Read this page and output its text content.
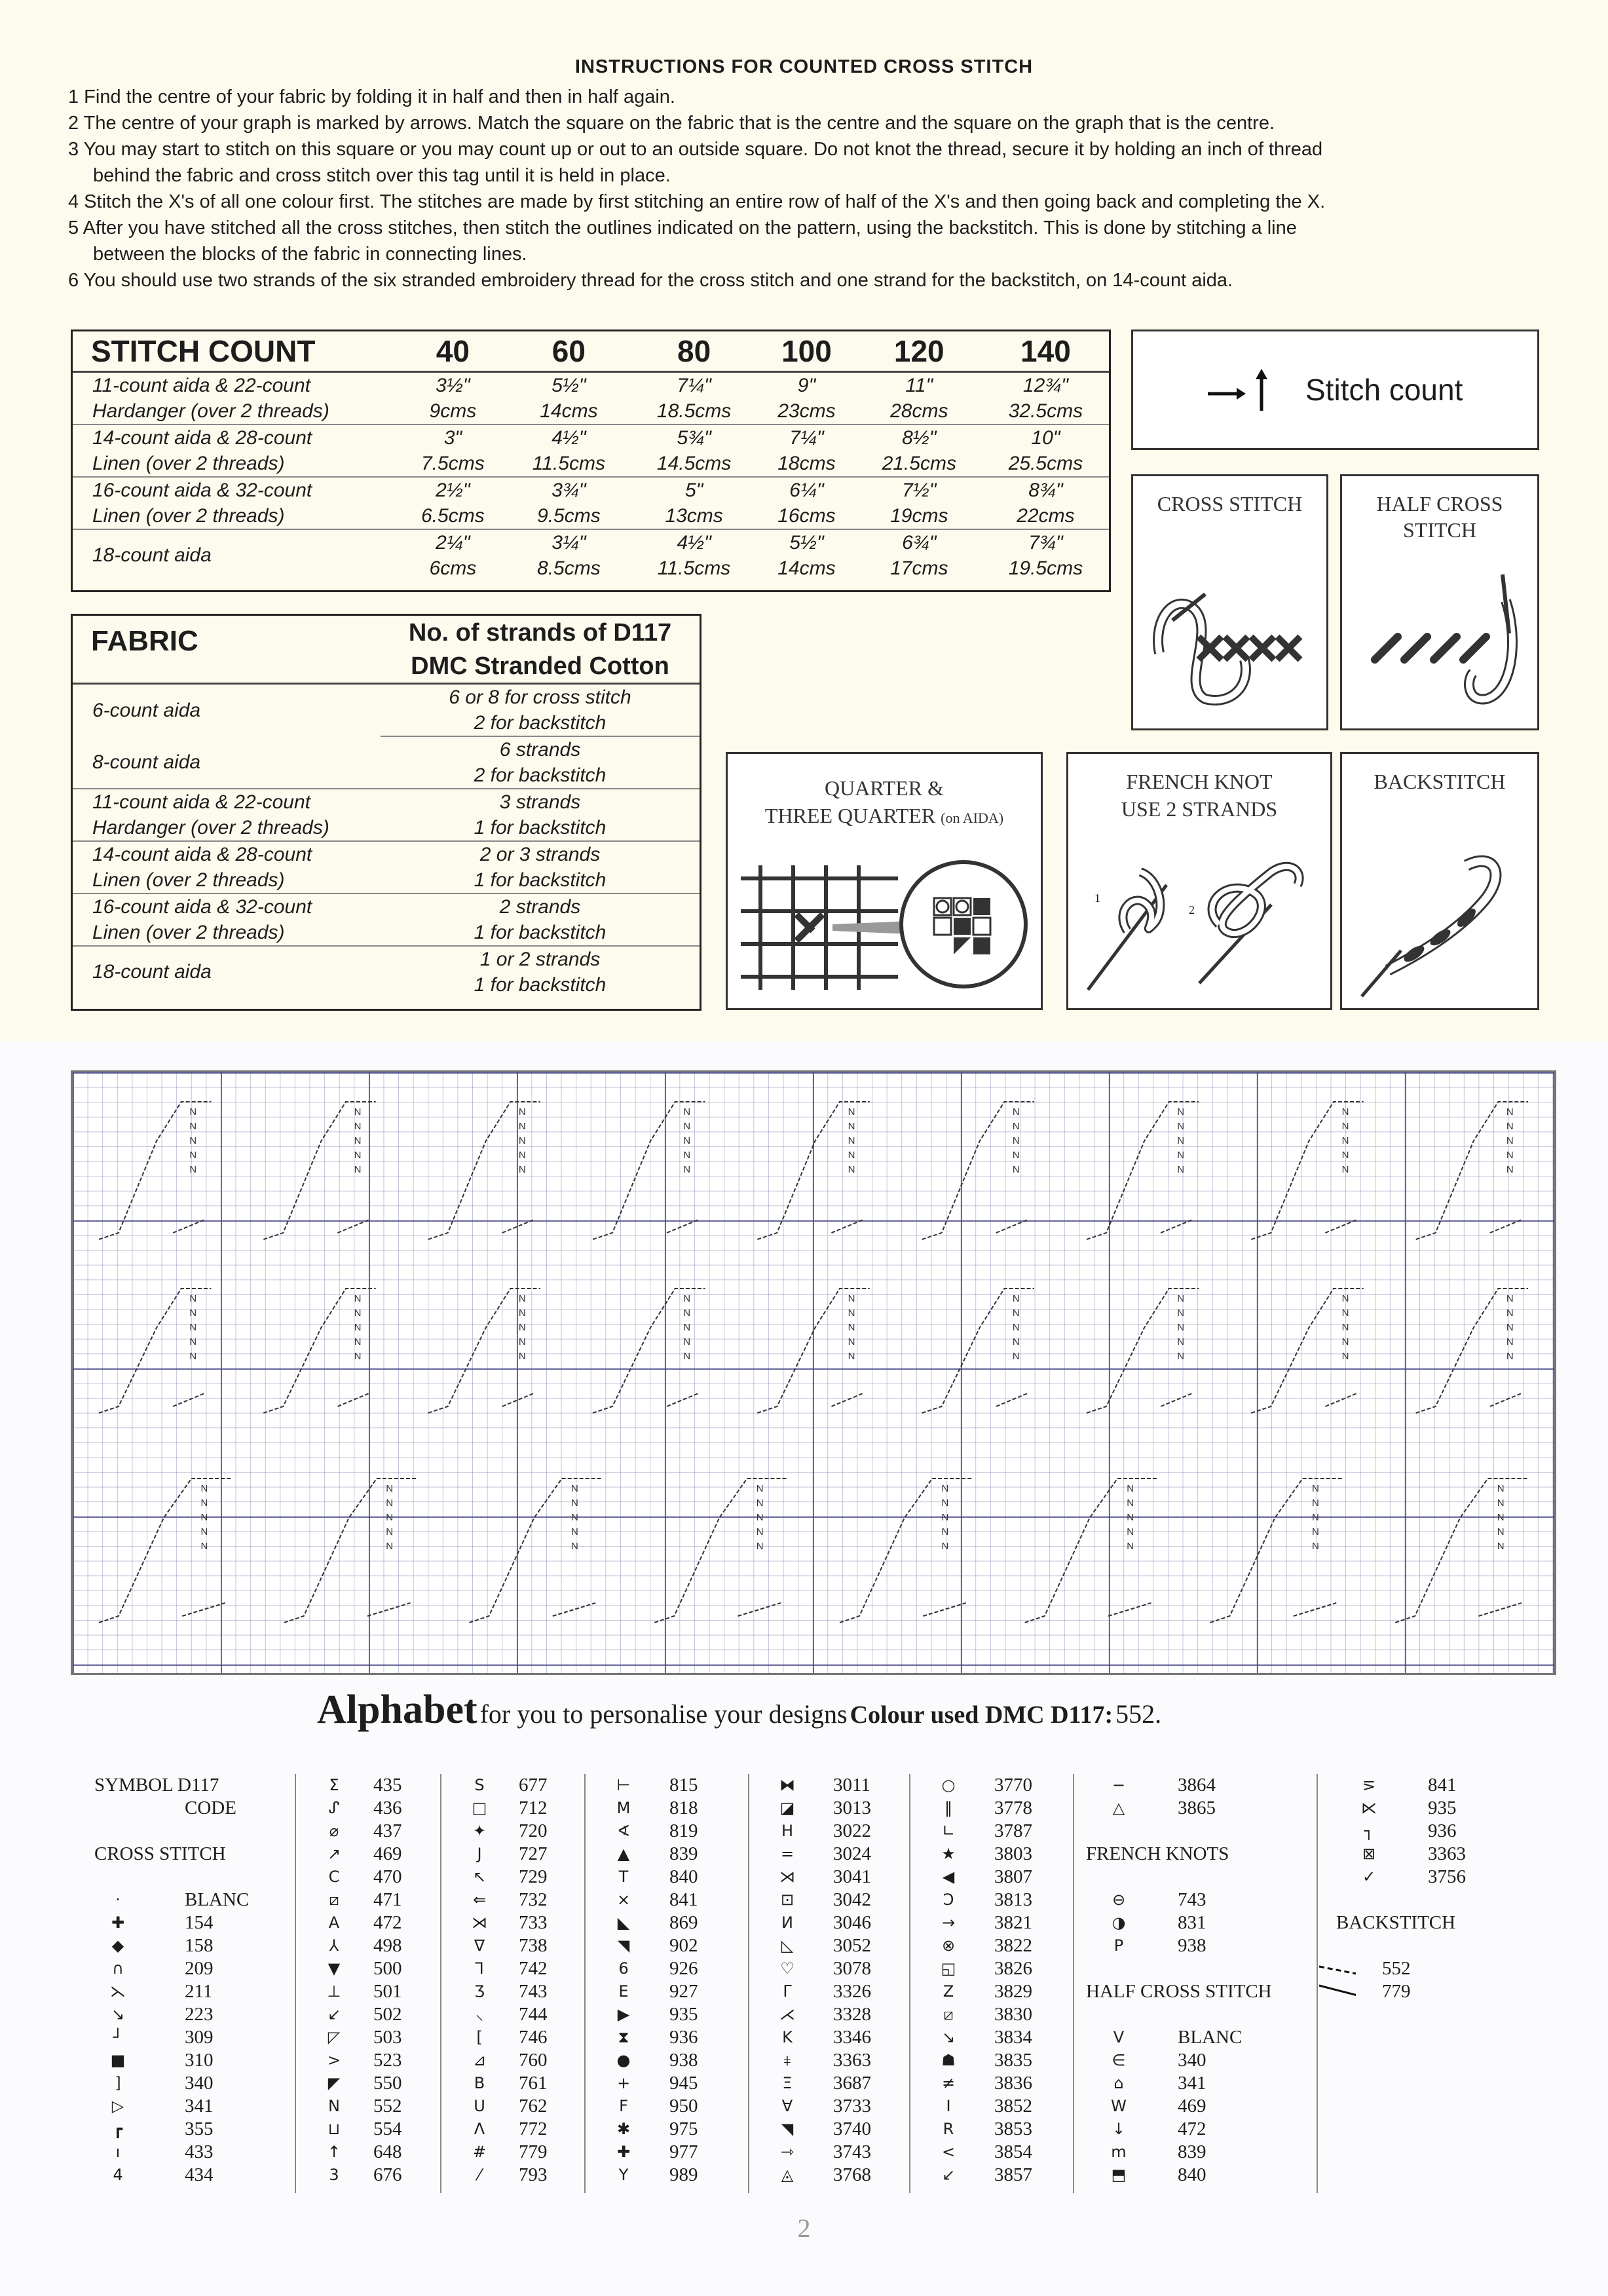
INSTRUCTIONS FOR COUNTED CROSS STITCH
1 Find the centre of your fabric by folding it in half and then in half again.
2 The centre of your graph is marked by arrows. Match the square on the fabric that is the centre and the square on the graph that is the centre.
3 You may start to stitch on this square or you may count up or out to an outside square. Do not knot the thread, secure it by holding an inch of thread
behind the fabric and cross stitch over this tag until it is held in place.
4 Stitch the X's of all one colour first. The stitches are made by first stitching an entire row of half of the X's and then going back and completing the X.
5 After you have stitched all the cross stitches, then stitch the outlines indicated on the pattern, using the backstitch. This is done by stitching a line
between the blocks of the fabric in connecting lines.
6 You should use two strands of the six stranded embroidery thread for the cross stitch and one strand for the backstitch, on 14-count aida.
STITCH COUNT	40	60	80	100	120	140
11-count aida & 22-count	3½"	5½"	7¼"	9"	11"	12¾"
Hardanger (over 2 threads)	9cms	14cms	18.5cms	23cms	28cms	32.5cms
14-count aida & 28-count	3"	4½"	5¾"	7¼"	8½"	10"
Linen (over 2 threads)	7.5cms	11.5cms	14.5cms	18cms	21.5cms	25.5cms
16-count aida & 32-count	2½"	3¾"	5"	6¼"	7½"	8¾"
Linen (over 2 threads)	6.5cms	9.5cms	13cms	16cms	19cms	22cms
18-count aida	2¼"	3¼"	4½"	5½"	6¾"	7¾"
	6cms	8.5cms	11.5cms	14cms	17cms	19.5cms
FABRIC	No. of strands of D117
	DMC Stranded Cotton
6-count aida	6 or 8 for cross stitch
	2 for backstitch
8-count aida	6 strands
	2 for backstitch
11-count aida & 22-count	3 strands
Hardanger (over 2 threads)	1 for backstitch
14-count aida & 28-count	2 or 3 strands
Linen (over 2 threads)	1 for backstitch
16-count aida & 32-count	2 strands
Linen (over 2 threads)	1 for backstitch
18-count aida	1 or 2 strands
	1 for backstitch
Stitch count
CROSS STITCH	HALF CROSS
STITCH
QUARTER &
THREE QUARTER (on AIDA)
FRENCH KNOT
USE 2 STRANDS
1
2
BACKSTITCH
N
N
N
N
N
N
N
N
N
N
N
N
N
N
N
N
N
N
N
N
N
N
N
N
N
N
N
N
N
N
N
N
N
N
N
N
N
N
N
N
N
N
N
N
N
N
N
N
N
N
N
N
N
N
N
N
N
N
N
N
N
N
N
N
N
N
N
N
N
N
N
N
N
N
N
N
N
N
N
N
N
N
N
N
N
N
N
N
N
N
N
N
N
N
N
N
N
N
N
N
N
N
N
N
N
N
N
N
N
N
N
N
N
N
N
N
N
N
N
N
N
N
N
N
N
N
N
N
N
N
Alphabet for you to personalise your designs Colour used DMC D117: 552.
SYMBOL D117
CODE
CROSS STITCH
·	BLANC
✚	154
◆	158
∩	209
⋋	211
↘	223
┘	309
■	310
]	340
▷	341
┏	355
ı	433
4	434
Σ	435
ᔑ	436
⌀	437
↗	469
C	470
⧄	471
A	472
⅄	498
▼	500
⊥	501
↙	502
◸	503
>	523
◤	550
N	552
⊔	554
↑	648
3	676
S	677
□	712
✦	720
J	727
↖	729
⇐	732
⋊	733
∇	738
⅂	742
Ʒ	743
⸜	744
[	746
⊿	760
B	761
U	762
Λ	772
#	779
⁄	793
⊢	815
M	818
∢	819
▲	839
T	840
×	841
◣	869
◥	902
6	926
E	927
▶	935
⧗	936
●	938
+	945
F	950
✱	975
✚	977
Y	989
⧓	3011
◪	3013
H	3022
=	3024
⋊	3041
⊡	3042
И	3046
◺	3052
♡	3078
ᒥ	3326
⋌	3328
K	3346
⧧	3363
Ξ	3687
∀	3733
◥	3740
⇾	3743
◬	3768
○	3770
‖	3778
∟	3787
★	3803
◀	3807
Ↄ	3813
→	3821
⊗	3822
◱	3826
Z	3829
⧄	3830
↘	3834
☗	3835
≠	3836
I	3852
R	3853
<	3854
↙	3857
−	3864
△	3865
FRENCH KNOTS
⊖	743
◑	831
P	938
HALF CROSS STITCH
V	BLANC
∈	340
⌂	341
W	469
↓	472
m	839
⬒	840
⋝	841
⋉	935
┐	936
⊠	3363
✓	3756
BACKSTITCH
552
779
2
